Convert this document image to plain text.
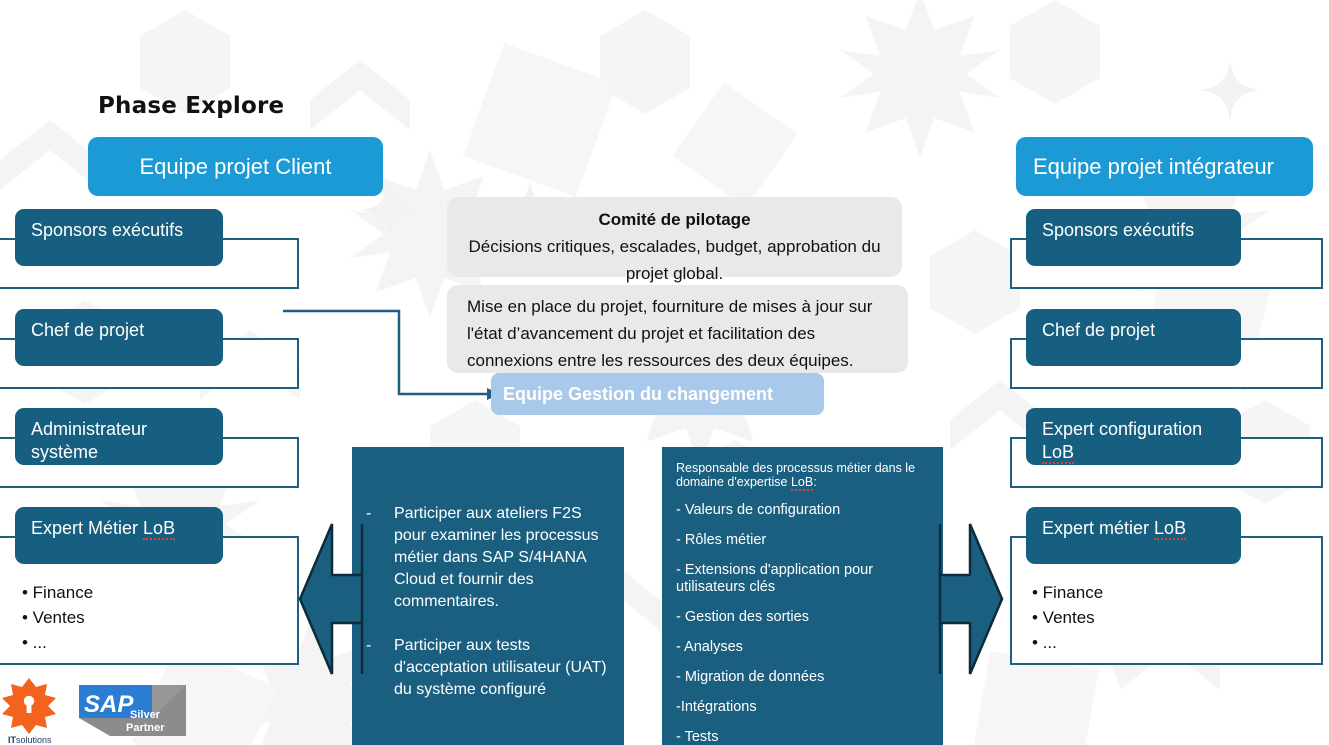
Phase Explore
Equipe projet Client	Equipe projet intégrateur
Sponsors exécutifs
Chef de projet
Administrateur système
Expert Métier LoB
• Finance
• Ventes
• ...
Sponsors exécutifs
Chef de projet
Expert configuration LoB
Expert métier LoB
• Finance
• Ventes
• ...
Comité de pilotage
Décisions critiques, escalades, budget, approbation du projet global.
Mise en place du projet, fourniture de mises à jour sur l'état d’avancement du projet et facilitation des connexions entre les ressources des deux équipes.
Equipe Gestion du changement
-	Participer aux ateliers F2S pour examiner les processus métier dans SAP S/4HANA Cloud et fournir des commentaires.
-	Participer aux tests d'acceptation utilisateur (UAT) du système configuré
Responsable des processus métier dans le domaine d'expertise LoB:
- Valeurs de configuration
- Rôles métier
- Extensions d'application pour utilisateurs clés
- Gestion des sorties
- Analyses
- Migration de données
-Intégrations
- Tests
ITsolutions
SAP
Silver
Partner
